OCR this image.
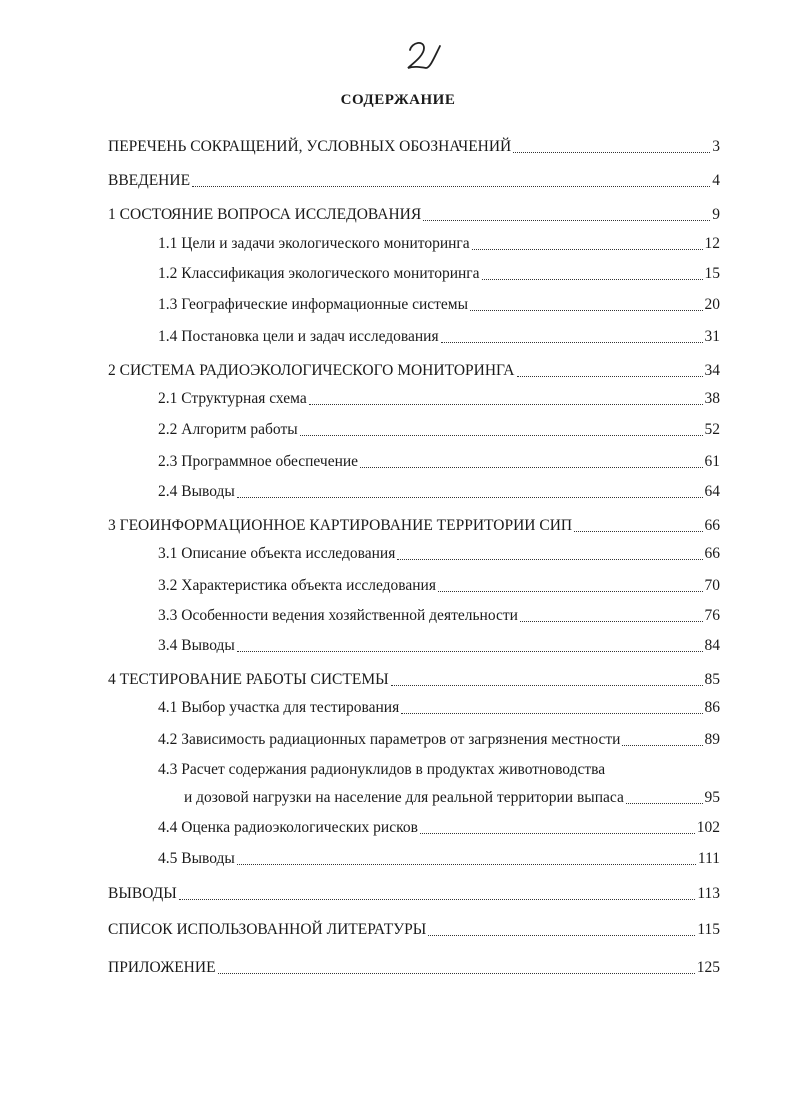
СОДЕРЖАНИЕ
ПЕРЕЧЕНЬ СОКРАЩЕНИЙ, УСЛОВНЫХ ОБОЗНАЧЕНИЙ	3
ВВЕДЕНИЕ	4
1 СОСТОЯНИЕ ВОПРОСА ИССЛЕДОВАНИЯ	9
1.1 Цели и задачи экологического мониторинга	12
1.2 Классификация экологического мониторинга	15
1.3 Географические информационные системы	20
1.4 Постановка цели и задач исследования	31
2 СИСТЕМА РАДИОЭКОЛОГИЧЕСКОГО МОНИТОРИНГА	34
2.1 Структурная схема	38
2.2 Алгоритм работы	52
2.3 Программное обеспечение	61
2.4 Выводы	64
3 ГЕОИНФОРМАЦИОННОЕ КАРТИРОВАНИЕ ТЕРРИТОРИИ СИП	66
3.1 Описание объекта исследования	66
3.2 Характеристика объекта исследования	70
3.3 Особенности ведения хозяйственной деятельности	76
3.4 Выводы	84
4 ТЕСТИРОВАНИЕ РАБОТЫ СИСТЕМЫ	85
4.1 Выбор участка для тестирования	86
4.2 Зависимость радиационных параметров от загрязнения местности	89
4.3 Расчет содержания радионуклидов в продуктах животноводства
и дозовой нагрузки на население для реальной территории выпаса	95
4.4 Оценка радиоэкологических рисков	102
4.5 Выводы	111
ВЫВОДЫ	113
СПИСОК ИСПОЛЬЗОВАННОЙ ЛИТЕРАТУРЫ	115
ПРИЛОЖЕНИЕ	125
